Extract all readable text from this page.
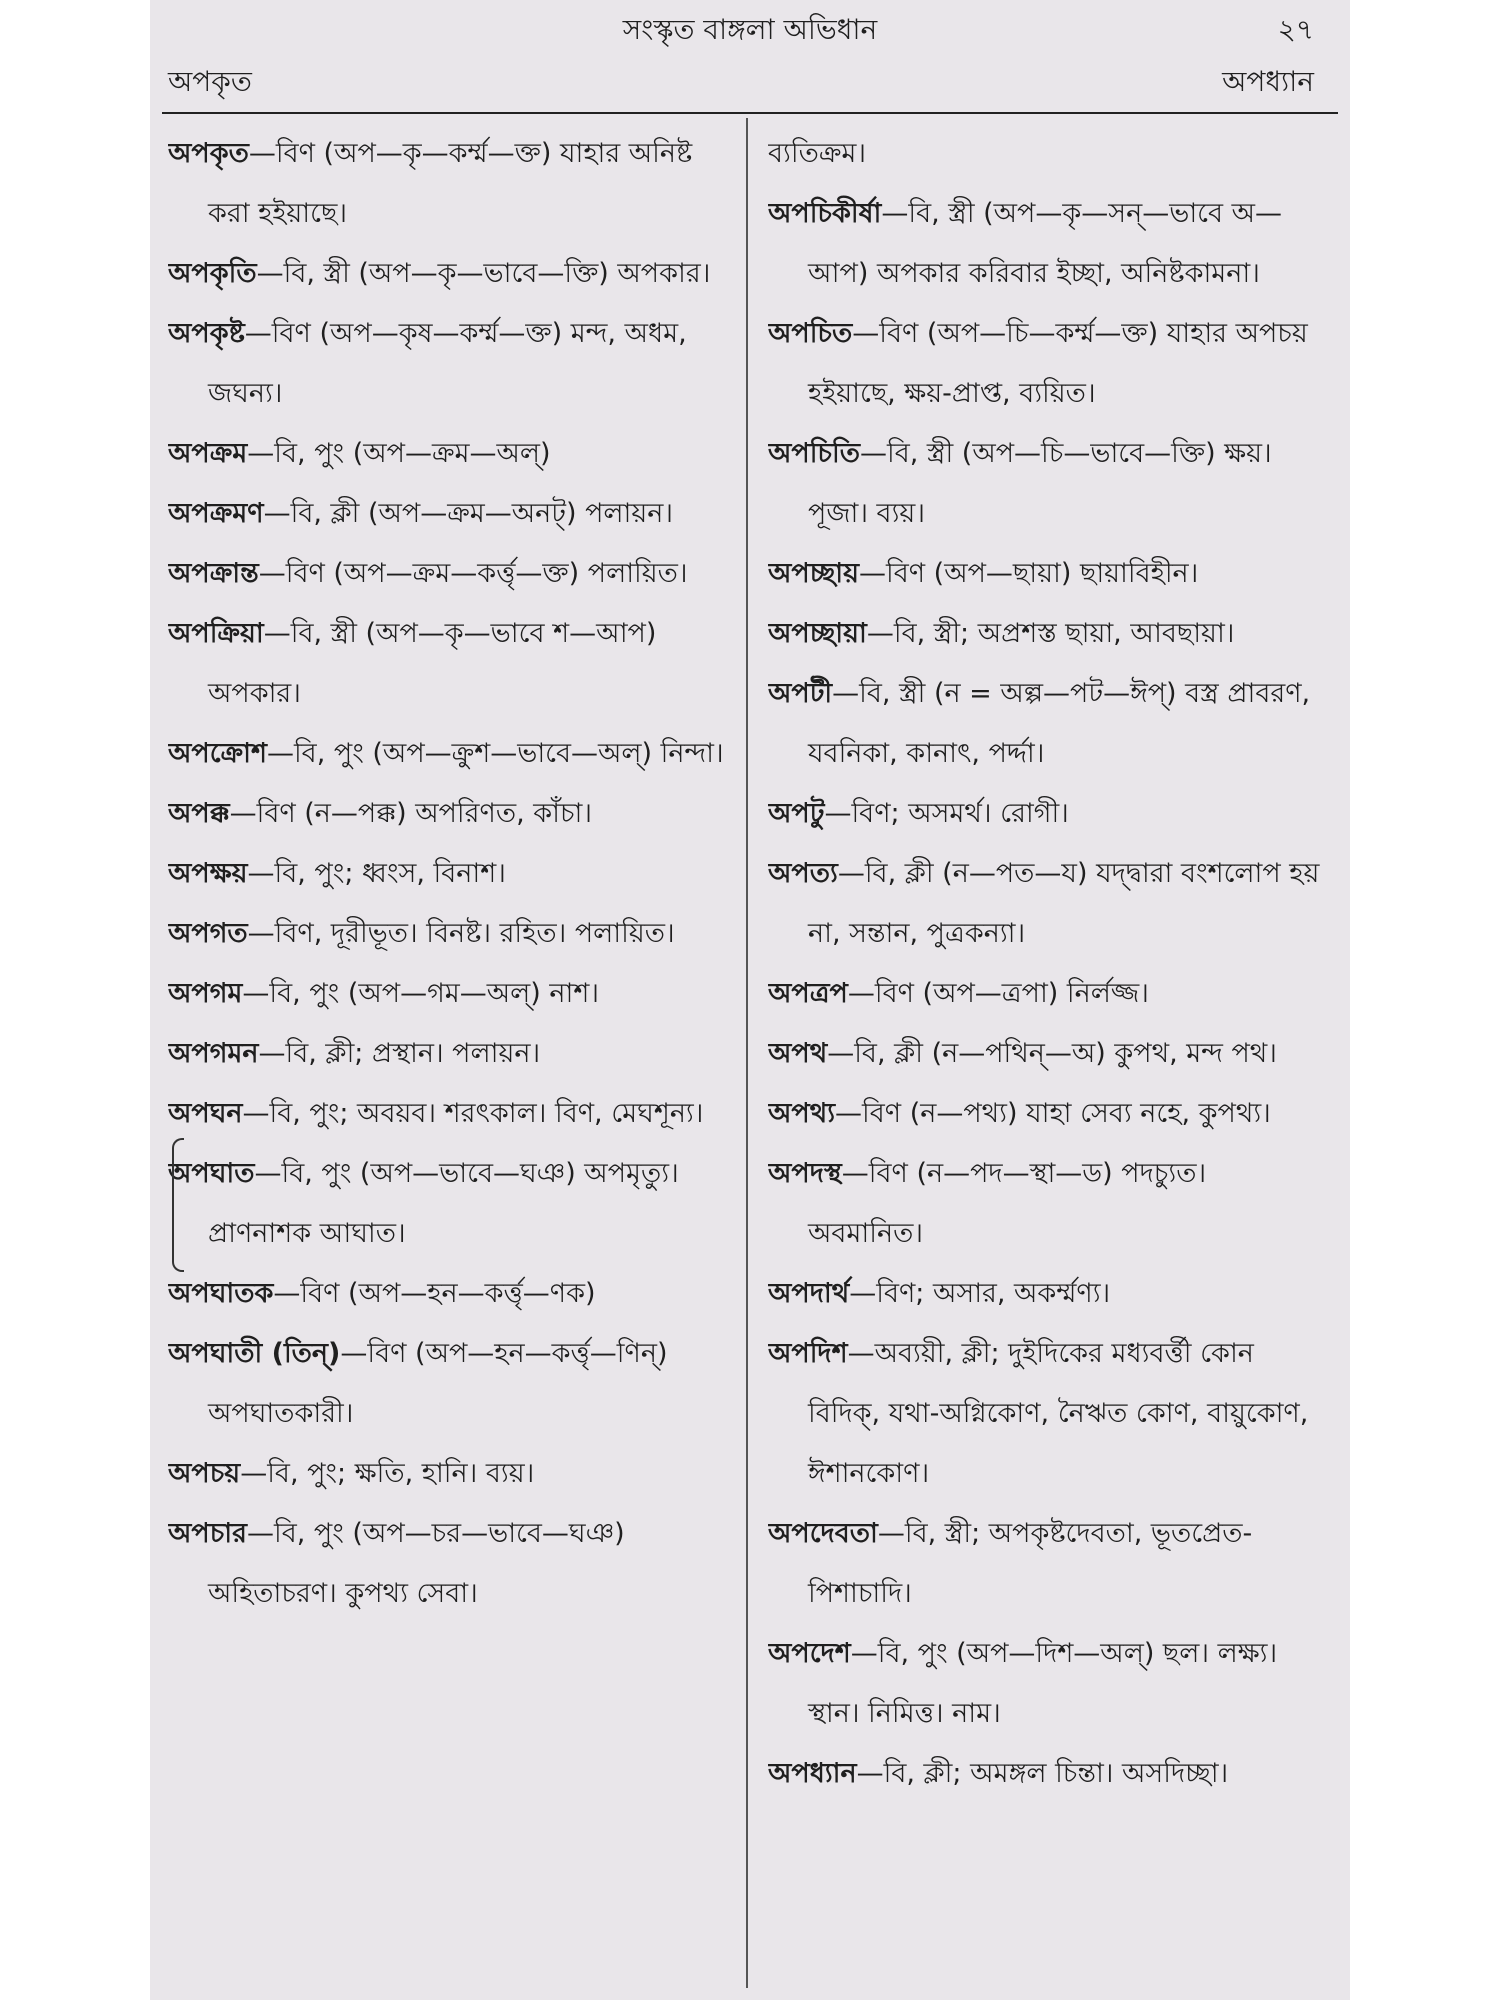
সংস্কৃত বাঙ্গলা অভিধান	২৭
অপকৃত	অপধ্যান

অপকৃত—বিণ (অপ—কৃ—কর্ম্ম—ক্ত) যাহার অনিষ্ট করা হইয়াছে।

অপকৃতি—বি, স্ত্রী (অপ—কৃ—ভাবে—ক্তি) অপকার।

অপকৃষ্ট—বিণ (অপ—কৃষ—কর্ম্ম—ক্ত) মন্দ, অধম, জঘন্য।

অপক্রম—বি, পুং (অপ—ক্রম—অল্)

অপক্রমণ—বি, ক্লী (অপ—ক্রম—অনট্) পলায়ন।

অপক্রান্ত—বিণ (অপ—ক্রম—কর্ত্তৃ—ক্ত) পলায়িত।

অপক্রিয়া—বি, স্ত্রী (অপ—কৃ—ভাবে শ—আপ) অপকার।

অপক্রোশ—বি, পুং (অপ—ক্রুশ—ভাবে—অল্) নিন্দা।

অপক্ক—বিণ (ন—পক্ক) অপরিণত, কাঁচা।

অপক্ষয়—বি, পুং; ধ্বংস, বিনাশ।

অপগত—বিণ, দূরীভূত। বিনষ্ট। রহিত। পলায়িত।

অপগম—বি, পুং (অপ—গম—অল্) নাশ।

অপগমন—বি, ক্লী; প্রস্থান। পলায়ন।

অপঘন—বি, পুং; অবয়ব। শরৎকাল। বিণ, মেঘশূন্য।

অপঘাত—বি, পুং (অপ—ভাবে—ঘঞ) অপমৃত্যু। প্রাণনাশক আঘাত।

অপঘাতক—বিণ (অপ—হন—কর্ত্তৃ—ণক)

অপঘাতী (তিন্)—বিণ (অপ—হন—কর্ত্তৃ—ণিন্) অপঘাতকারী।

অপচয়—বি, পুং; ক্ষতি, হানি। ব্যয়।

অপচার—বি, পুং (অপ—চর—ভাবে—ঘঞ) অহিতাচরণ। কুপথ্য সেবা।

ব্যতিক্রম।

অপচিকীর্ষা—বি, স্ত্রী (অপ—কৃ—সন্—ভাবে অ—আপ) অপকার করিবার ইচ্ছা, অনিষ্টকামনা।

অপচিত—বিণ (অপ—চি—কর্ম্ম—ক্ত) যাহার অপচয় হইয়াছে, ক্ষয়-প্রাপ্ত, ব্যয়িত।

অপচিতি—বি, স্ত্রী (অপ—চি—ভাবে—ক্তি) ক্ষয়। পূজা। ব্যয়।

অপচ্ছায়—বিণ (অপ—ছায়া) ছায়াবিহীন।

অপচ্ছায়া—বি, স্ত্রী; অপ্রশস্ত ছায়া, আবছায়া।

অপটী—বি, স্ত্রী (ন = অল্প—পট—ঈপ্) বস্ত্র প্রাবরণ, যবনিকা, কানাৎ, পর্দ্দা।

অপটু—বিণ; অসমর্থ। রোগী।

অপত্য—বি, ক্লী (ন—পত—য) যদ্দ্বারা বংশলোপ হয় না, সন্তান, পুত্রকন্যা।

অপত্রপ—বিণ (অপ—ত্রপা) নির্লজ্জ।

অপথ—বি, ক্লী (ন—পথিন্—অ) কুপথ, মন্দ পথ।

অপথ্য—বিণ (ন—পথ্য) যাহা সেব্য নহে, কুপথ্য।

অপদস্থ—বিণ (ন—পদ—স্থা—ড) পদচ্যুত। অবমানিত।

অপদার্থ—বিণ; অসার, অকর্ম্মণ্য।

অপদিশ—অব্যয়ী, ক্লী; দুইদিকের মধ্যবর্ত্তী কোন বিদিক্, যথা-অগ্নিকোণ, নৈঋত কোণ, বায়ুকোণ, ঈশানকোণ।

অপদেবতা—বি, স্ত্রী; অপকৃষ্টদেবতা, ভূতপ্রেত-পিশাচাদি।

অপদেশ—বি, পুং (অপ—দিশ—অল্) ছল। লক্ষ্য। স্থান। নিমিত্ত। নাম।

অপধ্যান—বি, ক্লী; অমঙ্গল চিন্তা। অসদিচ্ছা।
